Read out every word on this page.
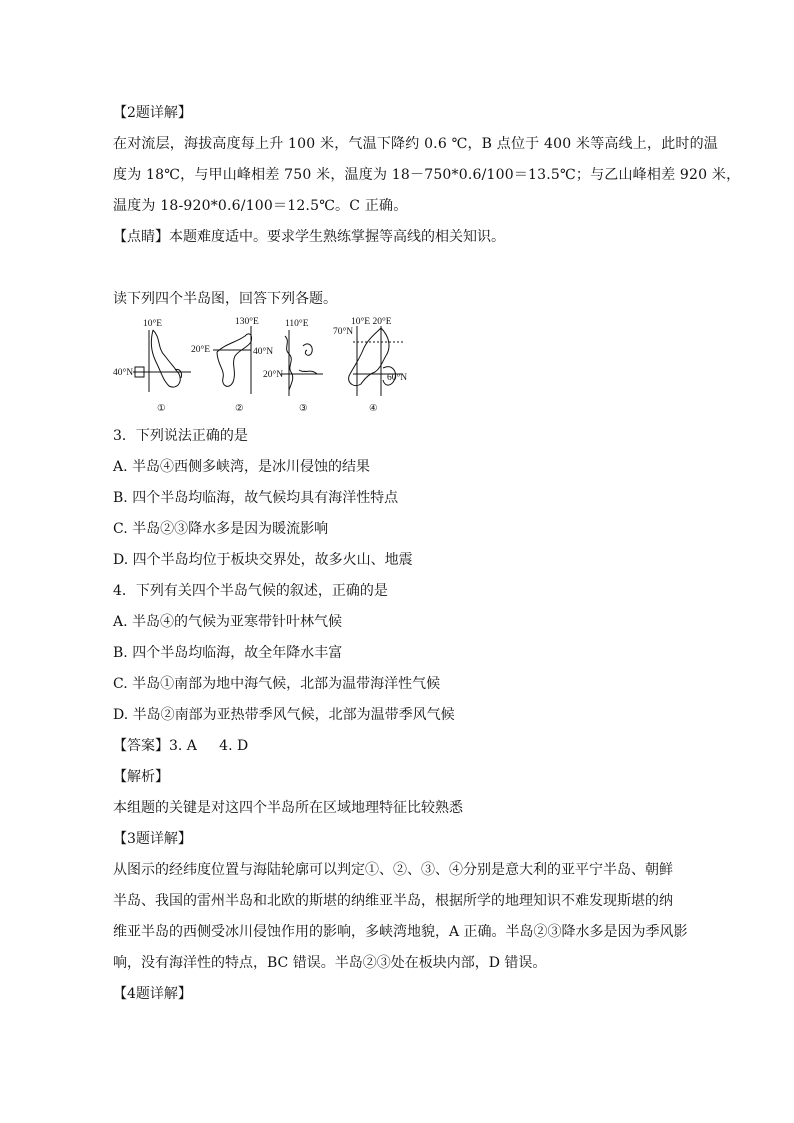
【2题详解】
在对流层，海拔高度每上升 100 米，气温下降约 0.6 ℃，B 点位于 400 米等高线上，此时的温
度为 18℃，与甲山峰相差 750 米，温度为 18－750*0.6/100＝13.5℃；与乙山峰相差 920 米，
温度为 18-920*0.6/100＝12.5℃。C 正确。
【点睛】本题难度适中。要求学生熟练掌握等高线的相关知识。
读下列四个半岛图，回答下列各题。
10°E
40°N
①
130°E
20°E	40°N
②
110°E
20°N
③
70°N
10°E 20°E
60°N
④
3．下列说法正确的是
A. 半岛④西侧多峡湾，是冰川侵蚀的结果
B. 四个半岛均临海，故气候均具有海洋性特点
C. 半岛②③降水多是因为暖流影响
D. 四个半岛均位于板块交界处，故多火山、地震
4．下列有关四个半岛气候的叙述，正确的是
A. 半岛④的气候为亚寒带针叶林气候
B. 四个半岛均临海，故全年降水丰富
C. 半岛①南部为地中海气候，北部为温带海洋性气候
D. 半岛②南部为亚热带季风气候，北部为温带季风气候
【答案】3. A     4. D
【解析】
本组题的关键是对这四个半岛所在区域地理特征比较熟悉
【3题详解】
从图示的经纬度位置与海陆轮廓可以判定①、②、③、④分别是意大利的亚平宁半岛、朝鲜
半岛、我国的雷州半岛和北欧的斯堪的纳维亚半岛，根据所学的地理知识不难发现斯堪的纳
维亚半岛的西侧受冰川侵蚀作用的影响，多峡湾地貌，A 正确。半岛②③降水多是因为季风影
响，没有海洋性的特点，BC 错误。半岛②③处在板块内部，D 错误。
【4题详解】
